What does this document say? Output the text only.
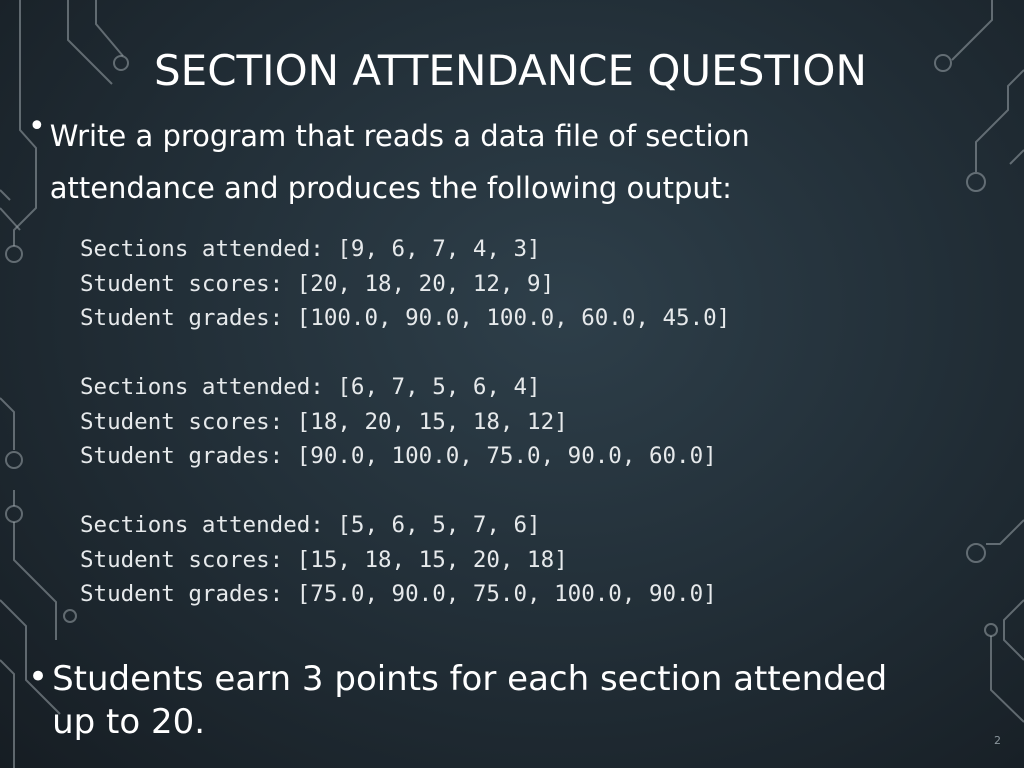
SECTION ATTENDANCE QUESTION
• Write a program that reads a data file of section attendance and produces the following output:
Sections attended: [9, 6, 7, 4, 3]
Student scores: [20, 18, 20, 12, 9]
Student grades: [100.0, 90.0, 100.0, 60.0, 45.0]
Sections attended: [6, 7, 5, 6, 4]
Student scores: [18, 20, 15, 18, 12]
Student grades: [90.0, 100.0, 75.0, 90.0, 60.0]
Sections attended: [5, 6, 5, 7, 6]
Student scores: [15, 18, 15, 20, 18]
Student grades: [75.0, 90.0, 75.0, 100.0, 90.0]
• Students earn 3 points for each section attended up to 20.	2
